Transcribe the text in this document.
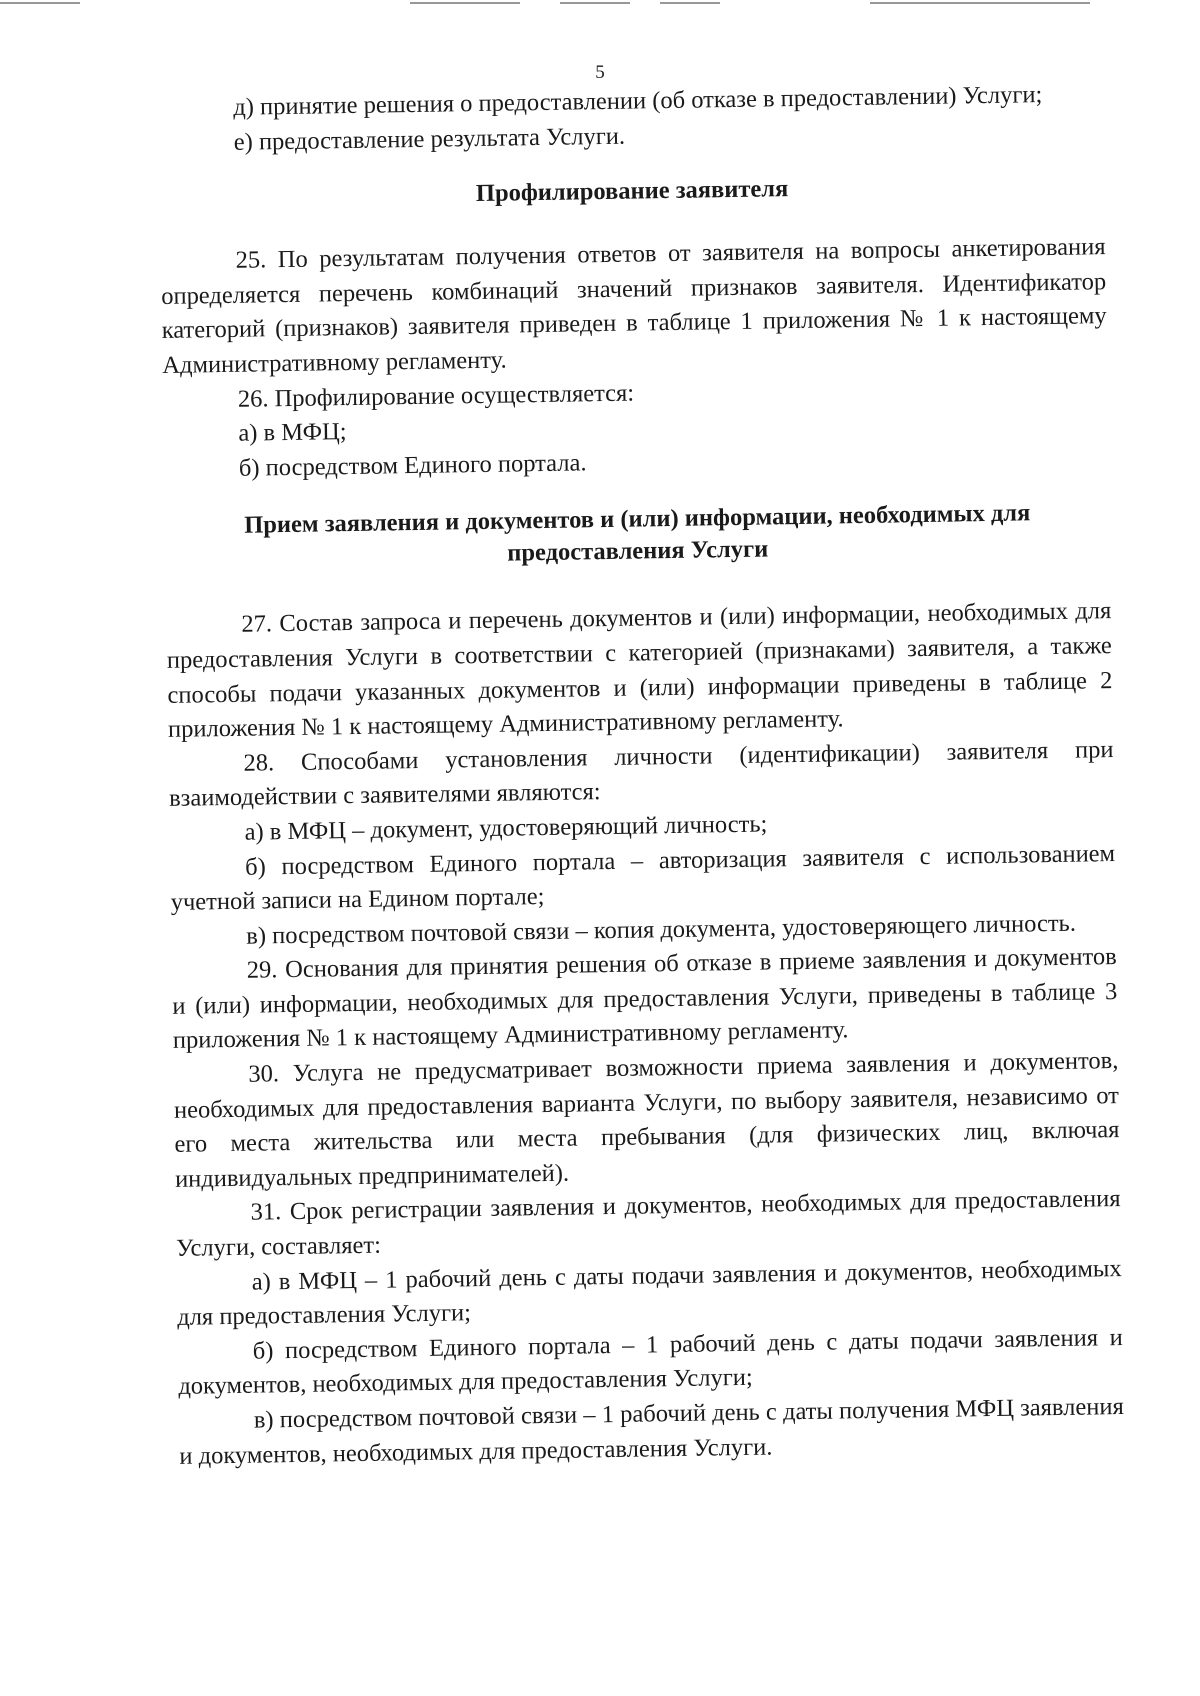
5

д) принятие решения о предоставлении (об отказе в предоставлении) Услуги;

е) предоставление результата Услуги.

Профилирование заявителя

25. По результатам получения ответов от заявителя на вопросы анкетирования определяется перечень комбинаций значений признаков заявителя. Идентификатор категорий (признаков) заявителя приведен в таблице 1 приложения № 1 к настоящему Административному регламенту.

26. Профилирование осуществляется:

а) в МФЦ;

б) посредством Единого портала.

Прием заявления и документов и (или) информации, необходимых для предоставления Услуги

27. Состав запроса и перечень документов и (или) информации, необходимых для предоставления Услуги в соответствии с категорией (признаками) заявителя, а также способы подачи указанных документов и (или) информации приведены в таблице 2 приложения № 1 к настоящему Административному регламенту.

28. Способами установления личности (идентификации) заявителя при взаимодействии с заявителями являются:

а) в МФЦ – документ, удостоверяющий личность;

б) посредством Единого портала – авторизация заявителя с использованием учетной записи на Едином портале;

в) посредством почтовой связи – копия документа, удостоверяющего личность.

29. Основания для принятия решения об отказе в приеме заявления и документов и (или) информации, необходимых для предоставления Услуги, приведены в таблице 3 приложения № 1 к настоящему Административному регламенту.

30. Услуга не предусматривает возможности приема заявления и документов, необходимых для предоставления варианта Услуги, по выбору заявителя, независимо от его места жительства или места пребывания (для физических лиц, включая индивидуальных предпринимателей).

31. Срок регистрации заявления и документов, необходимых для предоставления Услуги, составляет:

а) в МФЦ – 1 рабочий день с даты подачи заявления и документов, необходимых для предоставления Услуги;

б) посредством Единого портала – 1 рабочий день с даты подачи заявления и документов, необходимых для предоставления Услуги;

в) посредством почтовой связи – 1 рабочий день с даты получения МФЦ заявления и документов, необходимых для предоставления Услуги.
